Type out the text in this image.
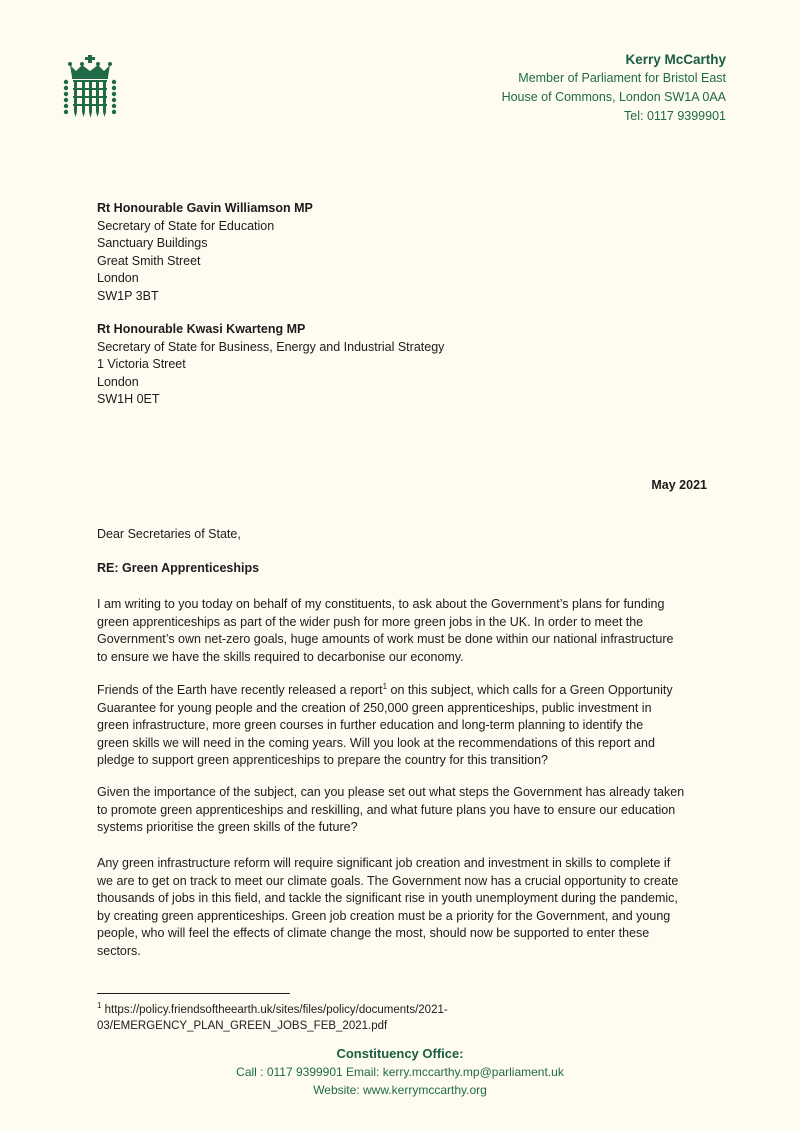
Kerry McCarthy
Member of Parliament for Bristol East
House of Commons, London SW1A 0AA
Tel: 0117 9399901
Rt Honourable Gavin Williamson MP
Secretary of State for Education
Sanctuary Buildings
Great Smith Street
London
SW1P 3BT
Rt Honourable Kwasi Kwarteng MP
Secretary of State for Business, Energy and Industrial Strategy
1 Victoria Street
London
SW1H 0ET
May 2021
Dear Secretaries of State,
RE: Green Apprenticeships
I am writing to you today on behalf of my constituents, to ask about the Government’s plans for funding
green apprenticeships as part of the wider push for more green jobs in the UK. In order to meet the
Government’s own net-zero goals, huge amounts of work must be done within our national infrastructure
to ensure we have the skills required to decarbonise our economy.
Friends of the Earth have recently released a report$^1$ on this subject, which calls for a Green Opportunity
Guarantee for young people and the creation of 250,000 green apprenticeships, public investment in
green infrastructure, more green courses in further education and long-term planning to identify the
green skills we will need in the coming years. Will you look at the recommendations of this report and
pledge to support green apprenticeships to prepare the country for this transition?
Given the importance of the subject, can you please set out what steps the Government has already taken
to promote green apprenticeships and reskilling, and what future plans you have to ensure our education
systems prioritise the green skills of the future?
Any green infrastructure reform will require significant job creation and investment in skills to complete if
we are to get on track to meet our climate goals. The Government now has a crucial opportunity to create
thousands of jobs in this field, and tackle the significant rise in youth unemployment during the pandemic,
by creating green apprenticeships. Green job creation must be a priority for the Government, and young
people, who will feel the effects of climate change the most, should now be supported to enter these
sectors.
$^1$ https://policy.friendsoftheearth.uk/sites/files/policy/documents/2021-
03/EMERGENCY_PLAN_GREEN_JOBS_FEB_2021.pdf
Constituency Office:
Call : 0117 9399901 Email: kerry.mccarthy.mp@parliament.uk
Website: www.kerrymccarthy.org
